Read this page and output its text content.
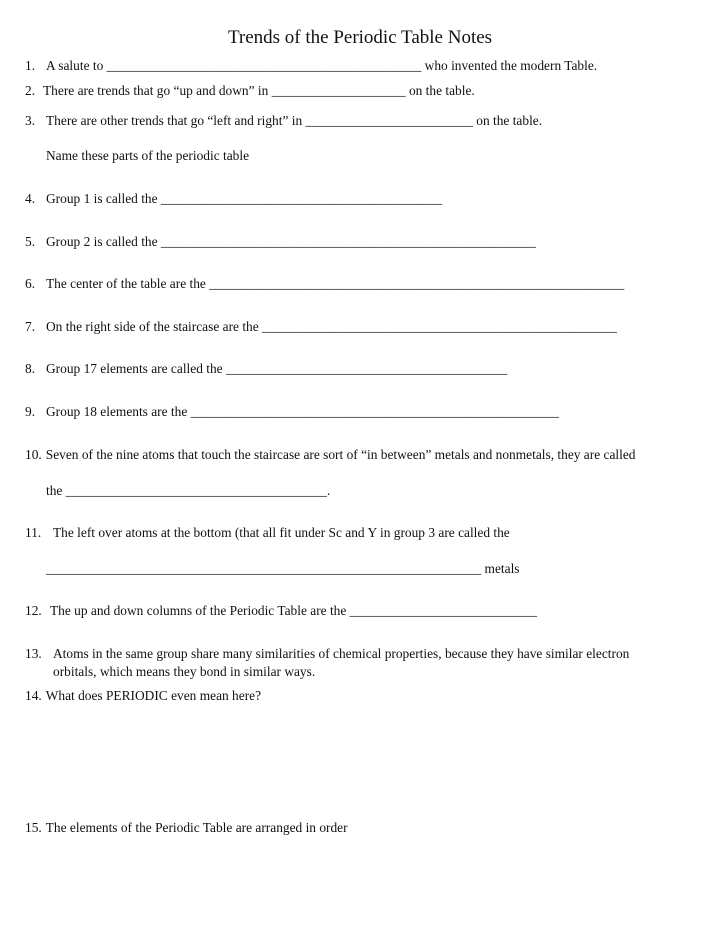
Trends of the Periodic Table Notes
1. A salute to _______________________________________________ who invented the modern Table.
2. There are trends that go “up and down” in ____________________ on the table.
3. There are other trends that go “left and right” in _________________________ on the table.
Name these parts of the periodic table
4. Group 1 is called the __________________________________________
5. Group 2 is called the ________________________________________________________
6. The center of the table are the ______________________________________________________________
7. On the right side of the staircase are the _____________________________________________________
8. Group 17 elements are called the __________________________________________
9. Group 18 elements are the _______________________________________________________
10. Seven of the nine atoms that touch the staircase are sort of “in between” metals and nonmetals, they are called
the _______________________________________.
11. The left over atoms at the bottom (that all fit under Sc and Y in group 3 are called the
_________________________________________________________________ metals
12. The up and down columns of the Periodic Table are the ____________________________
13. Atoms in the same group share many similarities of chemical properties, because they have similar electron
orbitals, which means they bond in similar ways.
14. What does PERIODIC even mean here?
15. The elements of the Periodic Table are arranged in order
